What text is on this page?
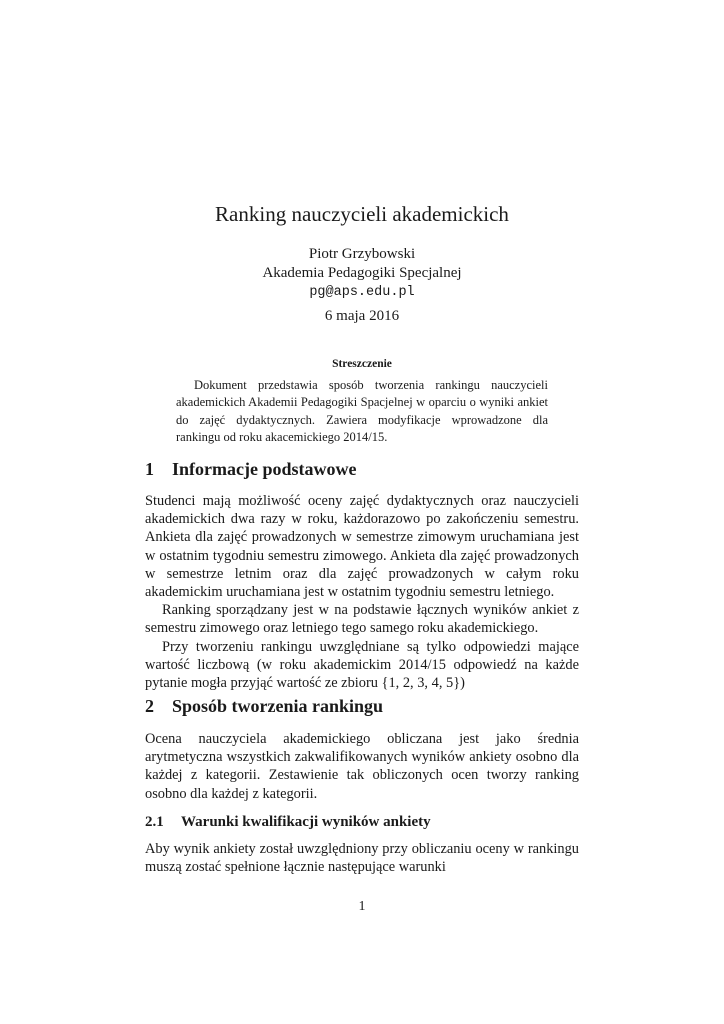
Ranking nauczycieli akademickich
Piotr Grzybowski
Akademia Pedagogiki Specjalnej
pg@aps.edu.pl
6 maja 2016
Streszczenie
Dokument przedstawia sposób tworzenia rankingu nauczycieli akademickich Akademii Pedagogiki Spacjelnej w oparciu o wyniki ankiet do zajęć dydaktycznych. Zawiera modyfikacje wprowadzone dla rankingu od roku akacemickiego 2014/15.
1 Informacje podstawowe

Studenci mają możliwość oceny zajęć dydaktycznych oraz nauczycieli akademickich dwa razy w roku, każdorazowo po zakończeniu semestru. Ankieta dla zajęć prowadzonych w semestrze zimowym uruchamiana jest w ostatnim tygodniu semestru zimowego. Ankieta dla zajęć prowadzonych w semestrze letnim oraz dla zajęć prowadzonych w całym roku akademickim uruchamiana jest w ostatnim tygodniu semestru letniego.

Ranking sporządzany jest w na podstawie łącznych wyników ankiet z semestru zimowego oraz letniego tego samego roku akademickiego.

Przy tworzeniu rankingu uwzględniane są tylko odpowiedzi mające wartość liczbową (w roku akademickim 2014/15 odpowiedź na każde pytanie mogła przyjąć wartość ze zbioru {1, 2, 3, 4, 5})

2 Sposób tworzenia rankingu

Ocena nauczyciela akademickiego obliczana jest jako średnia arytmetyczna wszystkich zakwalifikowanych wyników ankiety osobno dla każdej z kategorii. Zestawienie tak obliczonych ocen tworzy ranking osobno dla każdej z kategorii.

2.1 Warunki kwalifikacji wyników ankiety

Aby wynik ankiety został uwzględniony przy obliczaniu oceny w rankingu muszą zostać spełnione łącznie następujące warunki

1
